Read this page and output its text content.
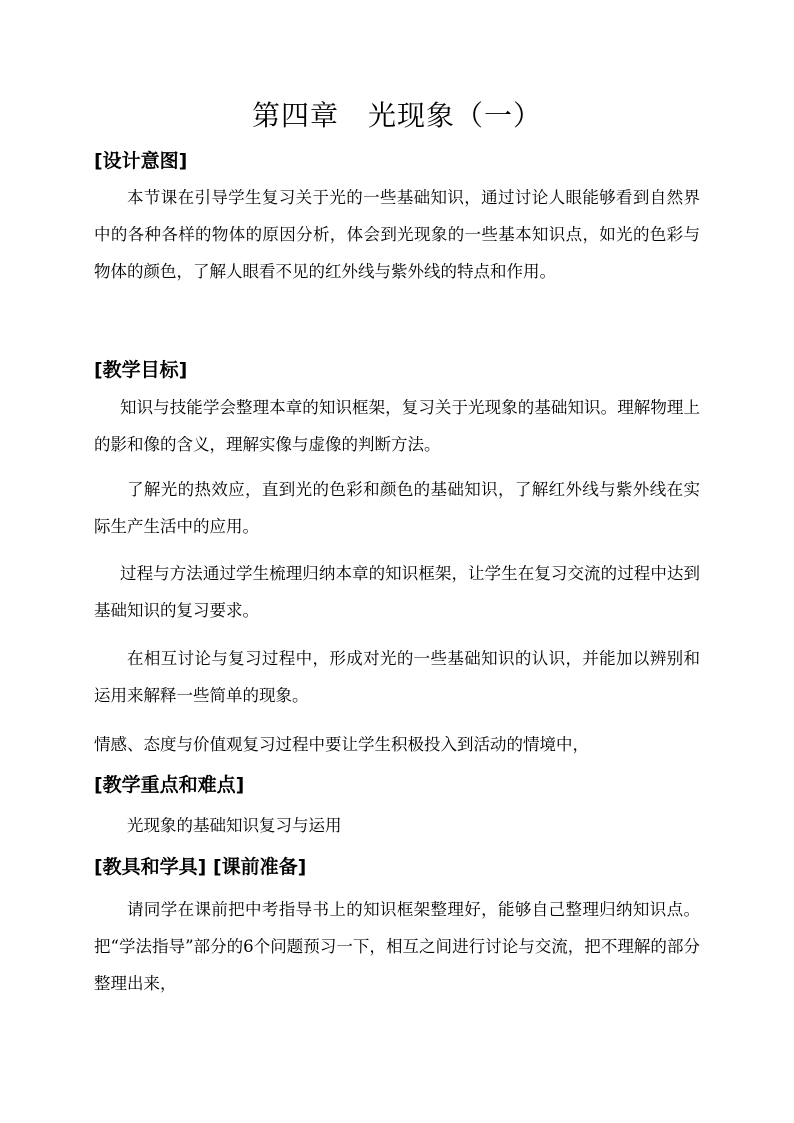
第四章　光现象（一）
[设计意图]

本节课在引导学生复习关于光的一些基础知识，通过讨论人眼能够看到自然界中的各种各样的物体的原因分析，体会到光现象的一些基本知识点，如光的色彩与物体的颜色，了解人眼看不见的红外线与紫外线的特点和作用。

[教学目标]

知识与技能学会整理本章的知识框架，复习关于光现象的基础知识。理解物理上的影和像的含义，理解实像与虚像的判断方法。

了解光的热效应，直到光的色彩和颜色的基础知识，了解红外线与紫外线在实际生产生活中的应用。

过程与方法通过学生梳理归纳本章的知识框架，让学生在复习交流的过程中达到基础知识的复习要求。

在相互讨论与复习过程中，形成对光的一些基础知识的认识，并能加以辨别和运用来解释一些简单的现象。

情感、态度与价值观复习过程中要让学生积极投入到活动的情境中，
[教学重点和难点]
光现象的基础知识复习与运用
[教具和学具] [课前准备]

请同学在课前把中考指导书上的知识框架整理好，能够自己整理归纳知识点。把“学法指导”部分的6个问题预习一下，相互之间进行讨论与交流，把不理解的部分整理出来，
